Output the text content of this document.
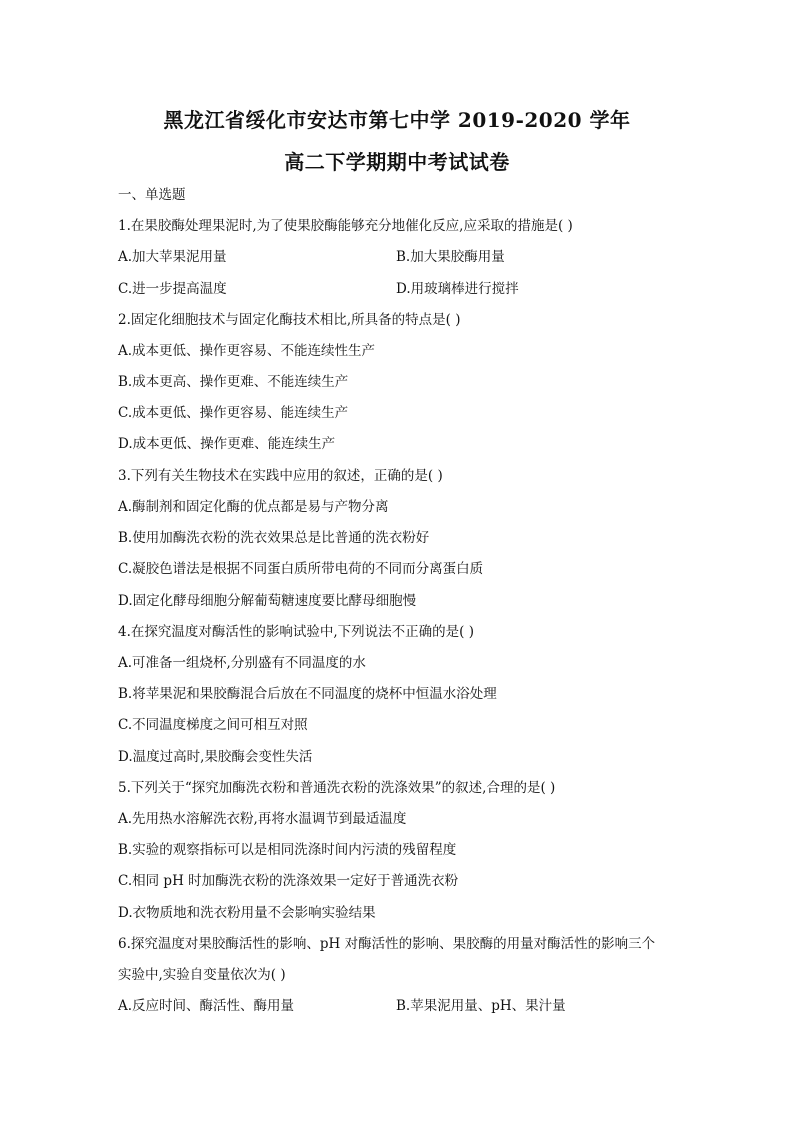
黑龙江省绥化市安达市第七中学 2019-2020 学年
高二下学期期中考试试卷
一、单选题
1.在果胶酶处理果泥时,为了使果胶酶能够充分地催化反应,应采取的措施是( )
A.加大苹果泥用量	B.加大果胶酶用量
C.进一步提高温度	D.用玻璃棒进行搅拌
2.固定化细胞技术与固定化酶技术相比,所具备的特点是( )
A.成本更低、操作更容易、不能连续性生产
B.成本更高、操作更难、不能连续生产
C.成本更低、操作更容易、能连续生产
D.成本更低、操作更难、能连续生产
3.下列有关生物技术在实践中应用的叙述，正确的是( )
A.酶制剂和固定化酶的优点都是易与产物分离
B.使用加酶洗衣粉的洗衣效果总是比普通的洗衣粉好
C.凝胶色谱法是根据不同蛋白质所带电荷的不同而分离蛋白质
D.固定化酵母细胞分解葡萄糖速度要比酵母细胞慢
4.在探究温度对酶活性的影响试验中,下列说法不正确的是( )
A.可准备一组烧杯,分别盛有不同温度的水
B.将苹果泥和果胶酶混合后放在不同温度的烧杯中恒温水浴处理
C.不同温度梯度之间可相互对照
D.温度过高时,果胶酶会变性失活
5.下列关于“探究加酶洗衣粉和普通洗衣粉的洗涤效果”的叙述,合理的是( )
A.先用热水溶解洗衣粉,再将水温调节到最适温度
B.实验的观察指标可以是相同洗涤时间内污渍的残留程度
C.相同 pH 时加酶洗衣粉的洗涤效果一定好于普通洗衣粉
D.衣物质地和洗衣粉用量不会影响实验结果
6.探究温度对果胶酶活性的影响、pH 对酶活性的影响、果胶酶的用量对酶活性的影响三个
实验中,实验自变量依次为( )
A.反应时间、酶活性、酶用量	B.苹果泥用量、pH、果汁量
